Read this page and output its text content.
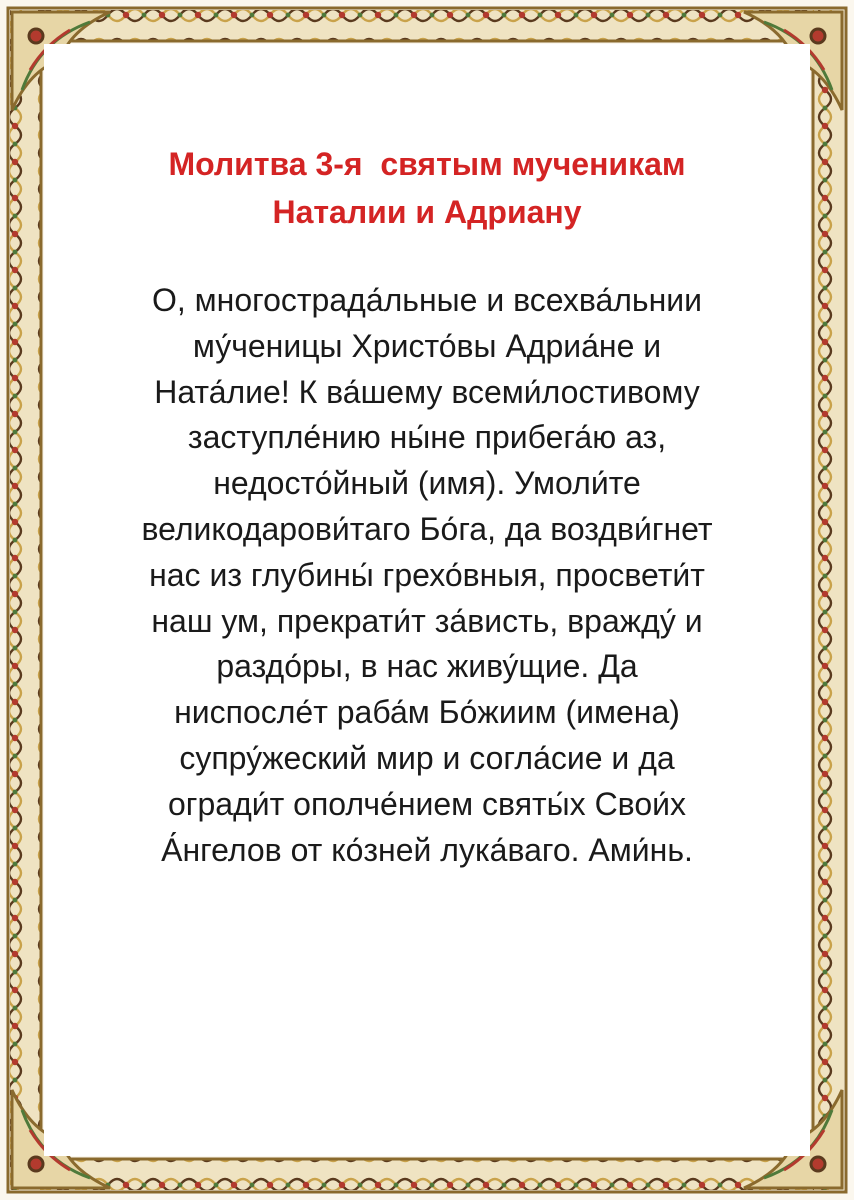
Молитва 3-я  святым мученикам
Наталии и Адриану
О, многострада́льные и всехва́льнии
му́ченицы Христо́вы Адриа́не и
Ната́лие! К ва́шему всеми́лостивому
заступле́нию ны́не прибега́ю аз,
недосто́йный (имя). Умоли́те
великодарови́таго Бо́га, да воздви́гнет
нас из глубины́ грехо́вныя, просвети́т
наш ум, прекрати́т за́висть, вражду́ и
раздо́ры, в нас живу́щие. Да
ниспосле́т раба́м Бо́жиим (имена)
супру́жеский мир и согла́сие и да
огради́т ополче́нием святы́х Свои́х
А́нгелов от ко́зней лука́ваго. Ами́нь.
